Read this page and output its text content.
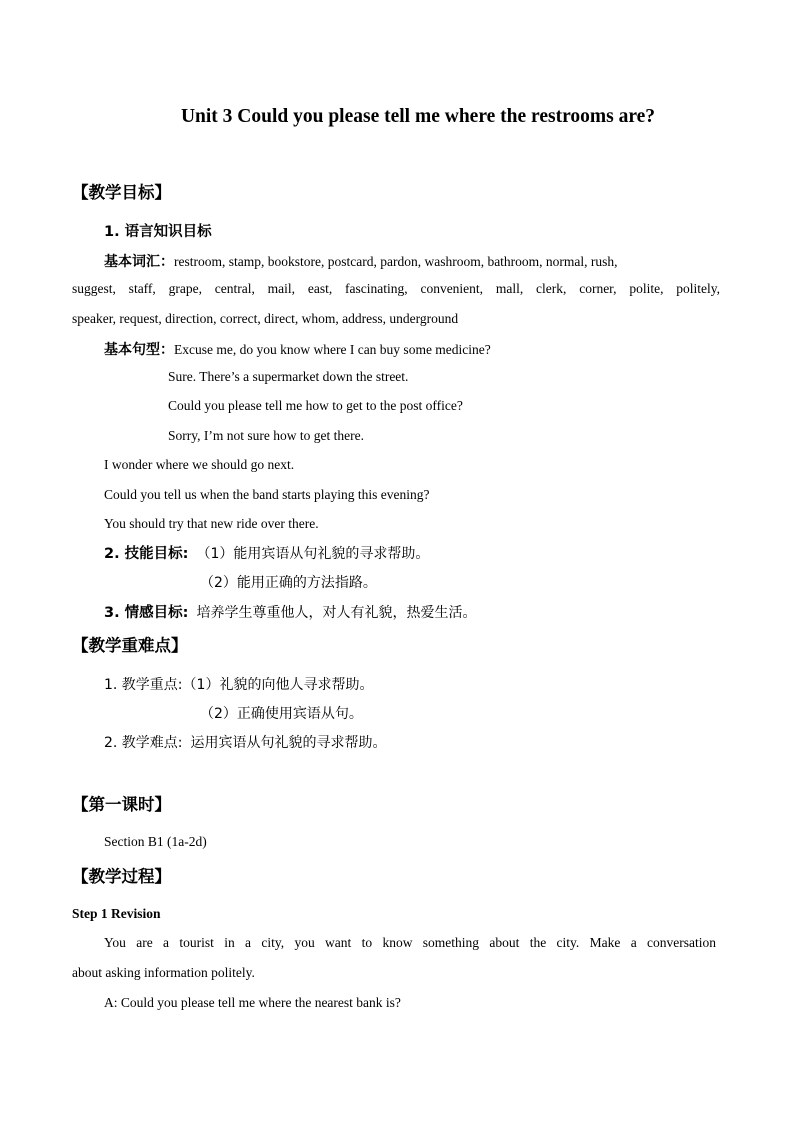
Unit 3 Could you please tell me where the restrooms are?
【教学目标】
1. 语言知识目标
基本词汇：restroom, stamp, bookstore, postcard, pardon, washroom, bathroom, normal, rush,
suggest, staff, grape, central, mail, east, fascinating, convenient, mall, clerk, corner, polite, politely,
speaker, request, direction, correct, direct, whom, address, underground
基本句型：Excuse me, do you know where I can buy some medicine?
Sure. There’s a supermarket down the street.
Could you please tell me how to get to the post office?
Sorry, I’m not sure how to get there.
I wonder where we should go next.
Could you tell us when the band starts playing this evening?
You should try that new ride over there.
2. 技能目标: （1）能用宾语从句礼貌的寻求帮助。
（2）能用正确的方法指路。
3. 情感目标: 培养学生尊重他人，对人有礼貌，热爱生活。
【教学重难点】
1. 教学重点:（1）礼貌的向他人寻求帮助。
（2）正确使用宾语从句。
2. 教学难点: 运用宾语从句礼貌的寻求帮助。
【第一课时】
Section B1 (1a-2d)
【教学过程】
Step 1 Revision
You are a tourist in a city, you want to know something about the city. Make a conversation
about asking information politely.
A: Could you please tell me where the nearest bank is?
